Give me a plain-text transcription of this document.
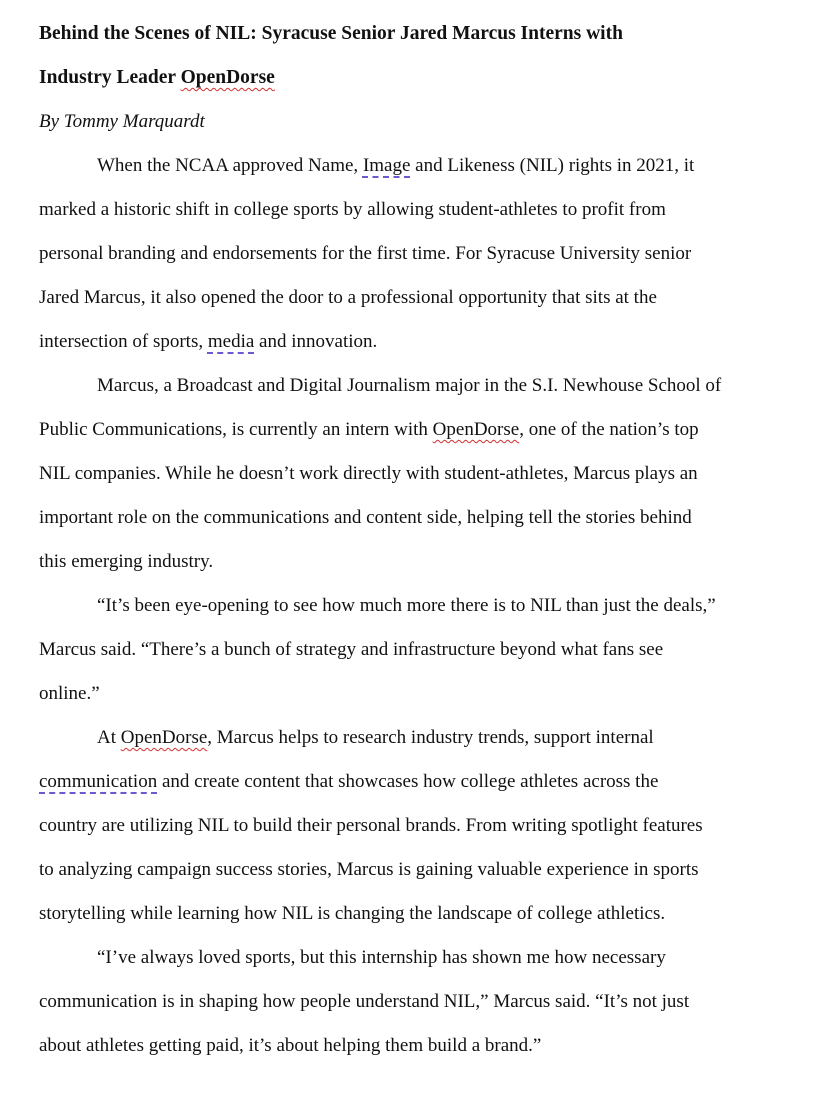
Behind the Scenes of NIL: Syracuse Senior Jared Marcus Interns with
Industry Leader OpenDorse
By Tommy Marquardt
When the NCAA approved Name, Image and Likeness (NIL) rights in 2021, it
marked a historic shift in college sports by allowing student-athletes to profit from
personal branding and endorsements for the first time. For Syracuse University senior
Jared Marcus, it also opened the door to a professional opportunity that sits at the
intersection of sports, media and innovation.
Marcus, a Broadcast and Digital Journalism major in the S.I. Newhouse School of
Public Communications, is currently an intern with OpenDorse, one of the nation’s top
NIL companies. While he doesn’t work directly with student-athletes, Marcus plays an
important role on the communications and content side, helping tell the stories behind
this emerging industry.
“It’s been eye-opening to see how much more there is to NIL than just the deals,”
Marcus said. “There’s a bunch of strategy and infrastructure beyond what fans see
online.”
At OpenDorse, Marcus helps to research industry trends, support internal
communication and create content that showcases how college athletes across the
country are utilizing NIL to build their personal brands. From writing spotlight features
to analyzing campaign success stories, Marcus is gaining valuable experience in sports
storytelling while learning how NIL is changing the landscape of college athletics.
“I’ve always loved sports, but this internship has shown me how necessary
communication is in shaping how people understand NIL,” Marcus said. “It’s not just
about athletes getting paid, it’s about helping them build a brand.”
